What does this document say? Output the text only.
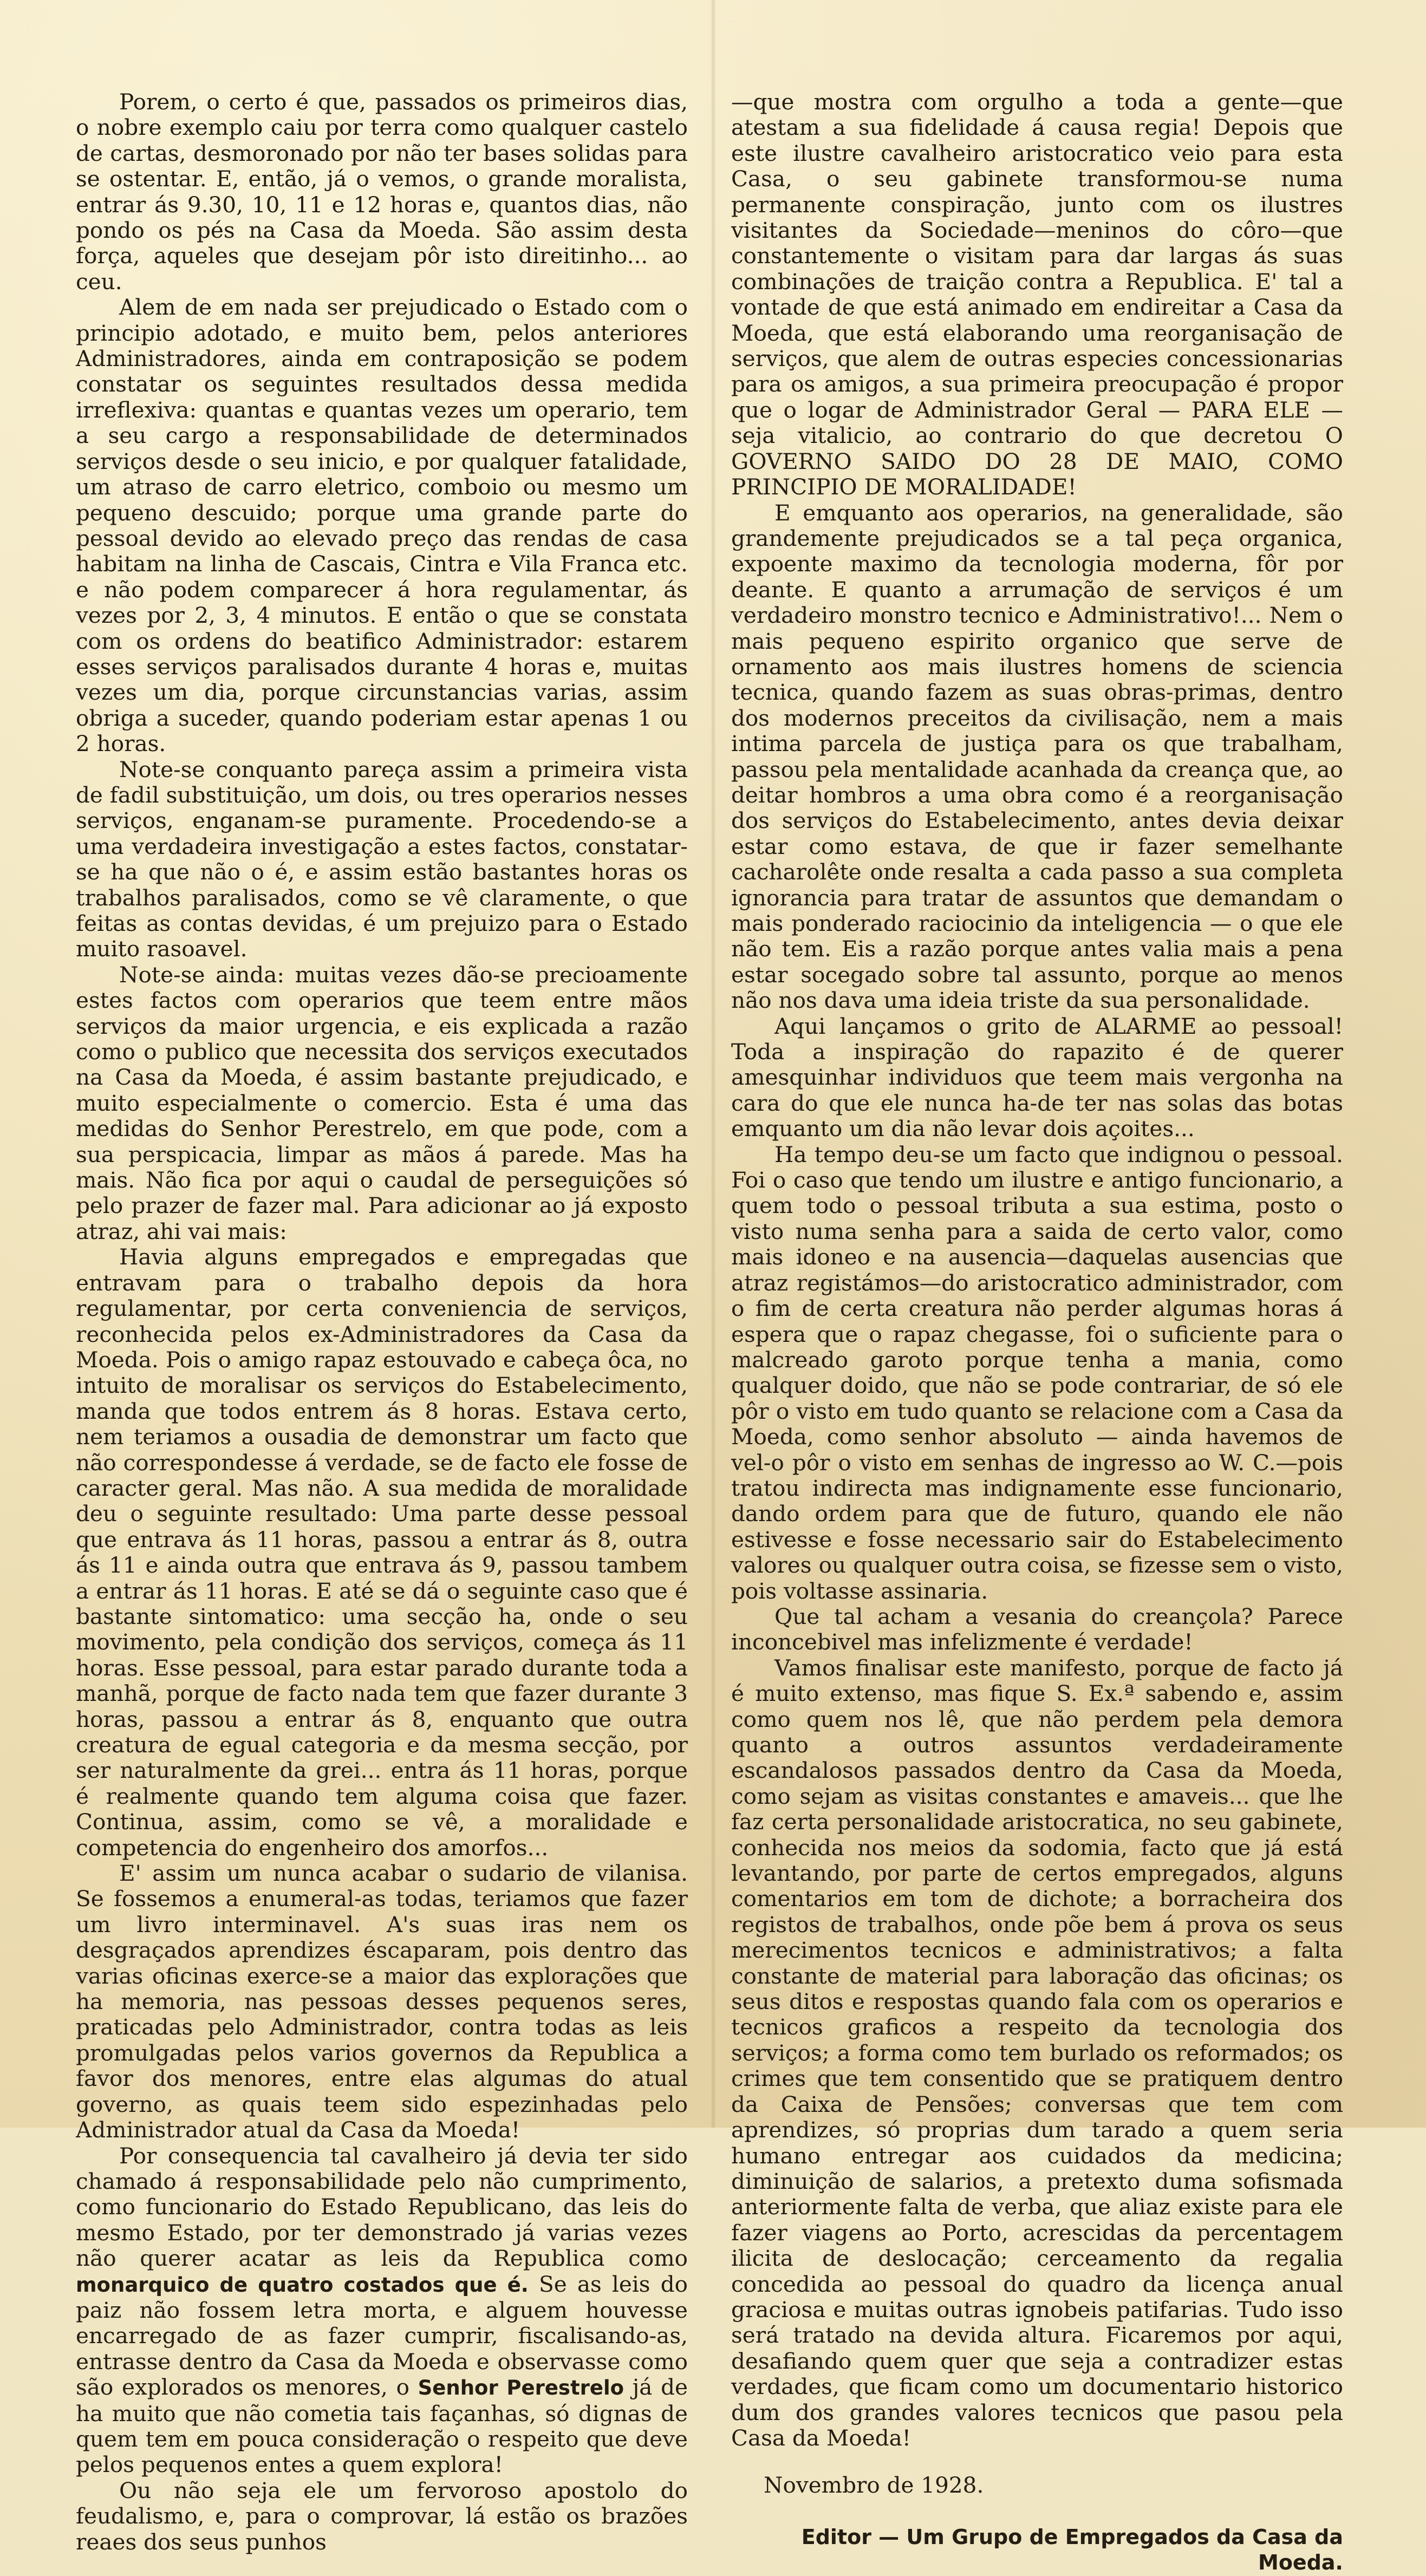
Porem, o certo é que, passados os primeiros dias, o nobre exemplo caiu por terra como qualquer castelo de cartas, desmoronado por não ter bases solidas para se ostentar. E, então, já o vemos, o grande moralista, entrar ás 9.30, 10, 11 e 12 horas e, quantos dias, não pondo os pés na Casa da Moeda. São assim desta força, aqueles que desejam pôr isto direitinho... ao ceu.

Alem de em nada ser prejudicado o Estado com o principio adotado, e muito bem, pelos anteriores Administradores, ainda em contraposição se podem constatar os seguintes resultados dessa medida irreflexiva: quantas e quantas vezes um operario, tem a seu cargo a responsabilidade de determinados serviços desde o seu inicio, e por qualquer fatalidade, um atraso de carro eletrico, comboio ou mesmo um pequeno descuido; porque uma grande parte do pessoal devido ao elevado preço das rendas de casa habitam na linha de Cascais, Cintra e Vila Franca etc. e não podem comparecer á hora regulamentar, ás vezes por 2, 3, 4 minutos. E então o que se constata com os ordens do beatifico Administrador: estarem esses serviços paralisados durante 4 horas e, muitas vezes um dia, porque circunstancias varias, assim obriga a suceder, quando poderiam estar apenas 1 ou 2 horas.

Note-se conquanto pareça assim a primeira vista de fadil substituição, um dois, ou tres operarios nesses serviços, enganam-se puramente. Procedendo-se a uma verdadeira investigação a estes factos, constatar-se ha que não o é, e assim estão bastantes horas os trabalhos paralisados, como se vê claramente, o que feitas as contas devidas, é um prejuizo para o Estado muito rasoavel.

Note-se ainda: muitas vezes dão-se precioamente estes factos com operarios que teem entre mãos serviços da maior urgencia, e eis explicada a razão como o publico que necessita dos serviços executados na Casa da Moeda, é assim bastante prejudicado, e muito especialmente o comercio. Esta é uma das medidas do Senhor Perestrelo, em que pode, com a sua perspicacia, limpar as mãos á parede. Mas ha mais. Não fica por aqui o caudal de perseguições só pelo prazer de fazer mal. Para adicionar ao já exposto atraz, ahi vai mais:

Havia alguns empregados e empregadas que entravam para o trabalho depois da hora regulamentar, por certa conveniencia de serviços, reconhecida pelos ex-Administradores da Casa da Moeda. Pois o amigo rapaz estouvado e cabeça ôca, no intuito de moralisar os serviços do Estabelecimento, manda que todos entrem ás 8 horas. Estava certo, nem teriamos a ousadia de demonstrar um facto que não correspondesse á verdade, se de facto ele fosse de caracter geral. Mas não. A sua medida de moralidade deu o seguinte resultado: Uma parte desse pessoal que entrava ás 11 horas, passou a entrar ás 8, outra ás 11 e ainda outra que entrava ás 9, passou tambem a entrar ás 11 horas. E até se dá o seguinte caso que é bastante sintomatico: uma secção ha, onde o seu movimento, pela condição dos serviços, começa ás 11 horas. Esse pessoal, para estar parado durante toda a manhã, porque de facto nada tem que fazer durante 3 horas, passou a entrar ás 8, enquanto que outra creatura de egual categoria e da mesma secção, por ser naturalmente da grei... entra ás 11 horas, porque é realmente quando tem alguma coisa que fazer. Continua, assim, como se vê, a moralidade e competencia do engenheiro dos amorfos...

E' assim um nunca acabar o sudario de vilanisa. Se fossemos a enumeral-as todas, teriamos que fazer um livro interminavel. A's suas iras nem os desgraçados aprendizes éscaparam, pois dentro das varias oficinas exerce-se a maior das explorações que ha memoria, nas pessoas desses pequenos seres, praticadas pelo Administrador, contra todas as leis promulgadas pelos varios governos da Republica a favor dos menores, entre elas algumas do atual governo, as quais teem sido espezinhadas pelo Administrador atual da Casa da Moeda!

Por consequencia tal cavalheiro já devia ter sido chamado á responsabilidade pelo não cumprimento, como funcionario do Estado Republicano, das leis do mesmo Estado, por ter demonstrado já varias vezes não querer acatar as leis da Republica como monarquico de quatro costados que é. Se as leis do paiz não fossem letra morta, e alguem houvesse encarregado de as fazer cumprir, fiscalisando-as, entrasse dentro da Casa da Moeda e observasse como são explorados os menores, o Senhor Perestrelo já de ha muito que não cometia tais façanhas, só dignas de quem tem em pouca consideração o respeito que deve pelos pequenos entes a quem explora!

Ou não seja ele um fervoroso apostolo do feudalismo, e, para o comprovar, lá estão os brazões reaes dos seus punhos

—que mostra com orgulho a toda a gente—que atestam a sua fidelidade á causa regia! Depois que este ilustre cavalheiro aristocratico veio para esta Casa, o seu gabinete transformou-se numa permanente conspiração, junto com os ilustres visitantes da Sociedade—meninos do côro—que constantemente o visitam para dar largas ás suas combinações de traição contra a Republica. E' tal a vontade de que está animado em endireitar a Casa da Moeda, que está elaborando uma reorganisação de serviços, que alem de outras especies concessionarias para os amigos, a sua primeira preocupação é propor que o logar de Administrador Geral — PARA ELE — seja vitalicio, ao contrario do que decretou O GOVERNO SAIDO DO 28 DE MAIO, COMO PRINCIPIO DE MORALIDADE!

E emquanto aos operarios, na generalidade, são grandemente prejudicados se a tal peça organica, expoente maximo da tecnologia moderna, fôr por deante. E quanto a arrumação de serviços é um verdadeiro monstro tecnico e Administrativo!... Nem o mais pequeno espirito organico que serve de ornamento aos mais ilustres homens de sciencia tecnica, quando fazem as suas obras-primas, dentro dos modernos preceitos da civilisação, nem a mais intima parcela de justiça para os que trabalham, passou pela mentalidade acanhada da creança que, ao deitar hombros a uma obra como é a reorganisação dos serviços do Estabelecimento, antes devia deixar estar como estava, de que ir fazer semelhante cacharolête onde resalta a cada passo a sua completa ignorancia para tratar de assuntos que demandam o mais ponderado raciocinio da inteligencia — o que ele não tem. Eis a razão porque antes valia mais a pena estar socegado sobre tal assunto, porque ao menos não nos dava uma ideia triste da sua personalidade.

Aqui lançamos o grito de ALARME ao pessoal! Toda a inspiração do rapazito é de querer amesquinhar individuos que teem mais vergonha na cara do que ele nunca ha-de ter nas solas das botas emquanto um dia não levar dois açoites...

Ha tempo deu-se um facto que indignou o pessoal. Foi o caso que tendo um ilustre e antigo funcionario, a quem todo o pessoal tributa a sua estima, posto o visto numa senha para a saida de certo valor, como mais idoneo e na ausencia—daquelas ausencias que atraz registámos—do aristocratico administrador, com o fim de certa creatura não perder algumas horas á espera que o rapaz chegasse, foi o suficiente para o malcreado garoto porque tenha a mania, como qualquer doido, que não se pode contrariar, de só ele pôr o visto em tudo quanto se relacione com a Casa da Moeda, como senhor absoluto — ainda havemos de vel-o pôr o visto em senhas de ingresso ao W. C.—pois tratou indirecta mas indignamente esse funcionario, dando ordem para que de futuro, quando ele não estivesse e fosse necessario sair do Estabelecimento valores ou qualquer outra coisa, se fizesse sem o visto, pois voltasse assinaria.

Que tal acham a vesania do creançola? Parece inconcebivel mas infelizmente é verdade!

Vamos finalisar este manifesto, porque de facto já é muito extenso, mas fique S. Ex.ª sabendo e, assim como quem nos lê, que não perdem pela demora quanto a outros assuntos verdadeiramente escandalosos passados dentro da Casa da Moeda, como sejam as visitas constantes e amaveis... que lhe faz certa personalidade aristocratica, no seu gabinete, conhecida nos meios da sodomia, facto que já está levantando, por parte de certos empregados, alguns comentarios em tom de dichote; a borracheira dos registos de trabalhos, onde põe bem á prova os seus merecimentos tecnicos e administrativos; a falta constante de material para laboração das oficinas; os seus ditos e respostas quando fala com os operarios e tecnicos graficos a respeito da tecnologia dos serviços; a forma como tem burlado os reformados; os crimes que tem consentido que se pratiquem dentro da Caixa de Pensões; conversas que tem com aprendizes, só proprias dum tarado a quem seria humano entregar aos cuidados da medicina; diminuição de salarios, a pretexto duma sofismada anteriormente falta de verba, que aliaz existe para ele fazer viagens ao Porto, acrescidas da percentagem ilicita de deslocação; cerceamento da regalia concedida ao pessoal do quadro da licença anual graciosa e muitas outras ignobeis patifarias. Tudo isso será tratado na devida altura. Ficaremos por aqui, desafiando quem quer que seja a contradizer estas verdades, que ficam como um documentario historico dum dos grandes valores tecnicos que pasou pela Casa da Moeda!

Novembro de 1928.

Editor — Um Grupo de Empregados da Casa da Moeda.
